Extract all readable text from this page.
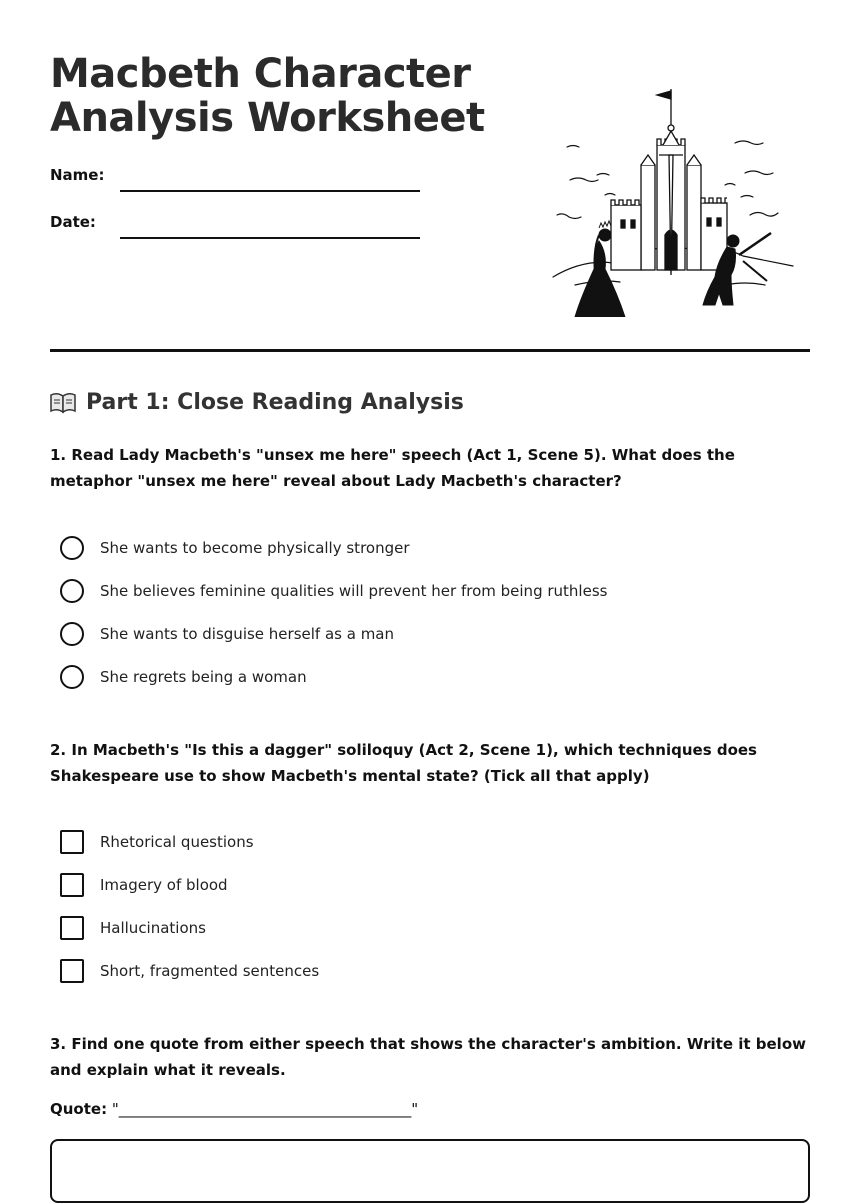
Macbeth Character
Analysis Worksheet
Name:
Date:
Part 1: Close Reading Analysis

1. Read Lady Macbeth's "unsex me here" speech (Act 1, Scene 5). What does the metaphor "unsex me here" reveal about Lady Macbeth's character?

She wants to become physically stronger
She believes feminine qualities will prevent her from being ruthless
She wants to disguise herself as a man
She regrets being a woman

2. In Macbeth's "Is this a dagger" soliloquy (Act 2, Scene 1), which techniques does Shakespeare use to show Macbeth's mental state? (Tick all that apply)

Rhetorical questions
Imagery of blood
Hallucinations
Short, fragmented sentences

3. Find one quote from either speech that shows the character's ambition. Write it below and explain what it reveals.

Quote: "_______________________________________"
